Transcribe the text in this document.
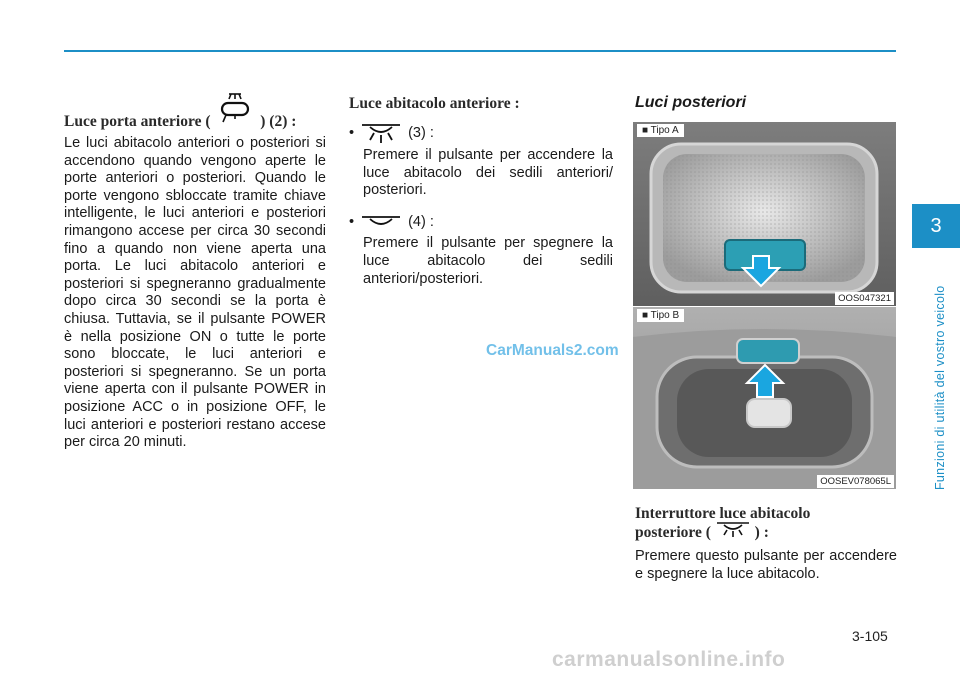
Luce porta anteriore (	) (2) :
Le luci abitacolo anteriori o posteriori si accendono quando vengono aperte le porte anteriori o posteriori. Quando le porte vengono sbloccate tramite chiave intelligente, le luci anteriori e posteriori rimangono accese per circa 30 secondi fino a quando non viene aperta una porta. Le luci abitacolo anteriori e posteriori si spegneranno gradualmente dopo circa 30 secondi se la porta è chiusa. Tuttavia, se il pulsante POWER è nella posizione ON o tutte le porte sono bloccate, le luci anteriori e posteriori si spegneranno. Se un porta viene aperta con il pulsante POWER in posizione ACC o in posizione OFF, le luci anteriori e posteriori restano accese per circa 20 minuti.
Luce abitacolo anteriore :
•	(3) :
Premere il pulsante per accendere la luce abitacolo dei sedili anteriori/ posteriori.
•	(4) :
Premere il pulsante per spegnere la luce abitacolo dei sedili anteriori/posteriori.
Luci posteriori
■ Tipo A
OOS047321
■ Tipo B
OOSEV078065L
Interruttore luce abitacolo
posteriore (	) :
Premere questo pulsante per accendere e spegnere la luce abitacolo.
3
Funzioni di utilità del vostro veicolo
3-105
CarManuals2.com
carmanualsonline.info
